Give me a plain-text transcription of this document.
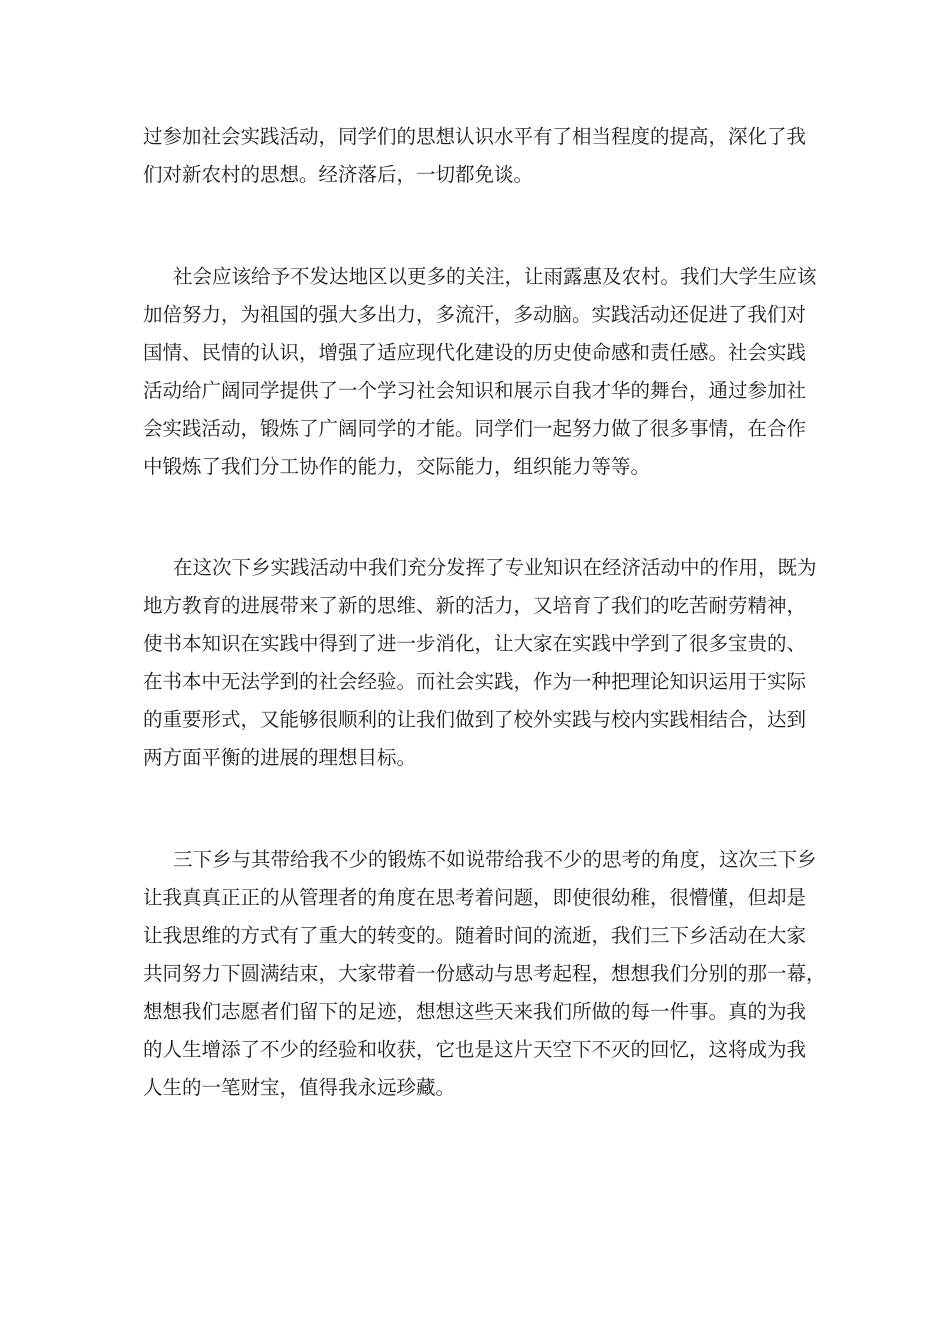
过参加社会实践活动，同学们的思想认识水平有了相当程度的提高，深化了我
们对新农村的思想。经济落后，一切都免谈。
社会应该给予不发达地区以更多的关注，让雨露惠及农村。我们大学生应该
加倍努力，为祖国的强大多出力，多流汗，多动脑。实践活动还促进了我们对
国情、民情的认识，增强了适应现代化建设的历史使命感和责任感。社会实践
活动给广阔同学提供了一个学习社会知识和展示自我才华的舞台，通过参加社
会实践活动，锻炼了广阔同学的才能。同学们一起努力做了很多事情，在合作
中锻炼了我们分工协作的能力，交际能力，组织能力等等。
在这次下乡实践活动中我们充分发挥了专业知识在经济活动中的作用，既为
地方教育的进展带来了新的思维、新的活力，又培育了我们的吃苦耐劳精神，
使书本知识在实践中得到了进一步消化，让大家在实践中学到了很多宝贵的、
在书本中无法学到的社会经验。而社会实践，作为一种把理论知识运用于实际
的重要形式，又能够很顺利的让我们做到了校外实践与校内实践相结合，达到
两方面平衡的进展的理想目标。
三下乡与其带给我不少的锻炼不如说带给我不少的思考的角度，这次三下乡
让我真真正正的从管理者的角度在思考着问题，即使很幼稚，很懵懂，但却是
让我思维的方式有了重大的转变的。随着时间的流逝，我们三下乡活动在大家
共同努力下圆满结束，大家带着一份感动与思考起程，想想我们分别的那一幕，
想想我们志愿者们留下的足迹，想想这些天来我们所做的每一件事。真的为我
的人生增添了不少的经验和收获，它也是这片天空下不灭的回忆，这将成为我
人生的一笔财宝，值得我永远珍藏。
